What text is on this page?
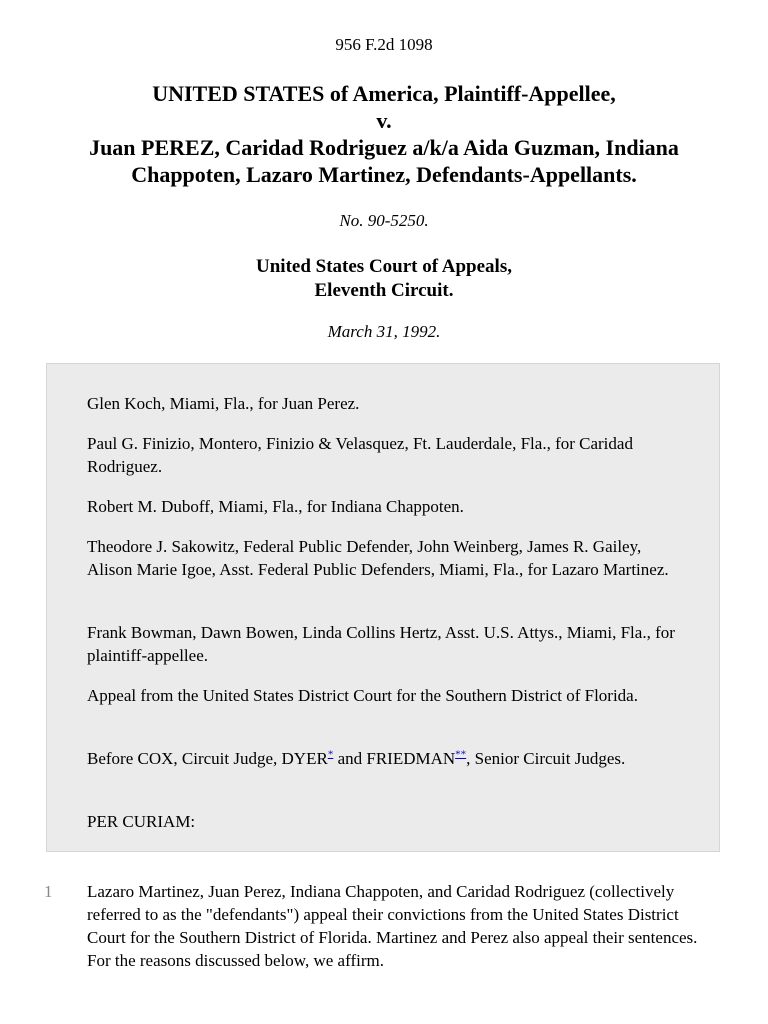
956 F.2d 1098
UNITED STATES of America, Plaintiff-Appellee,
v.
Juan PEREZ, Caridad Rodriguez a/k/a Aida Guzman, Indiana
Chappoten, Lazaro Martinez, Defendants-Appellants.
No. 90-5250.
United States Court of Appeals,
Eleventh Circuit.
March 31, 1992.

Glen Koch, Miami, Fla., for Juan Perez.

Paul G. Finizio, Montero, Finizio & Velasquez, Ft. Lauderdale, Fla., for Caridad Rodriguez.

Robert M. Duboff, Miami, Fla., for Indiana Chappoten.

Theodore J. Sakowitz, Federal Public Defender, John Weinberg, James R. Gailey, Alison Marie Igoe, Asst. Federal Public Defenders, Miami, Fla., for Lazaro Martinez.

Frank Bowman, Dawn Bowen, Linda Collins Hertz, Asst. U.S. Attys., Miami, Fla., for plaintiff-appellee.

Appeal from the United States District Court for the Southern District of Florida.

Before COX, Circuit Judge, DYER* and FRIEDMAN**, Senior Circuit Judges.

PER CURIAM:

1 Lazaro Martinez, Juan Perez, Indiana Chappoten, and Caridad Rodriguez (collectively referred to as the "defendants") appeal their convictions from the United States District Court for the Southern District of Florida. Martinez and Perez also appeal their sentences. For the reasons discussed below, we affirm.
